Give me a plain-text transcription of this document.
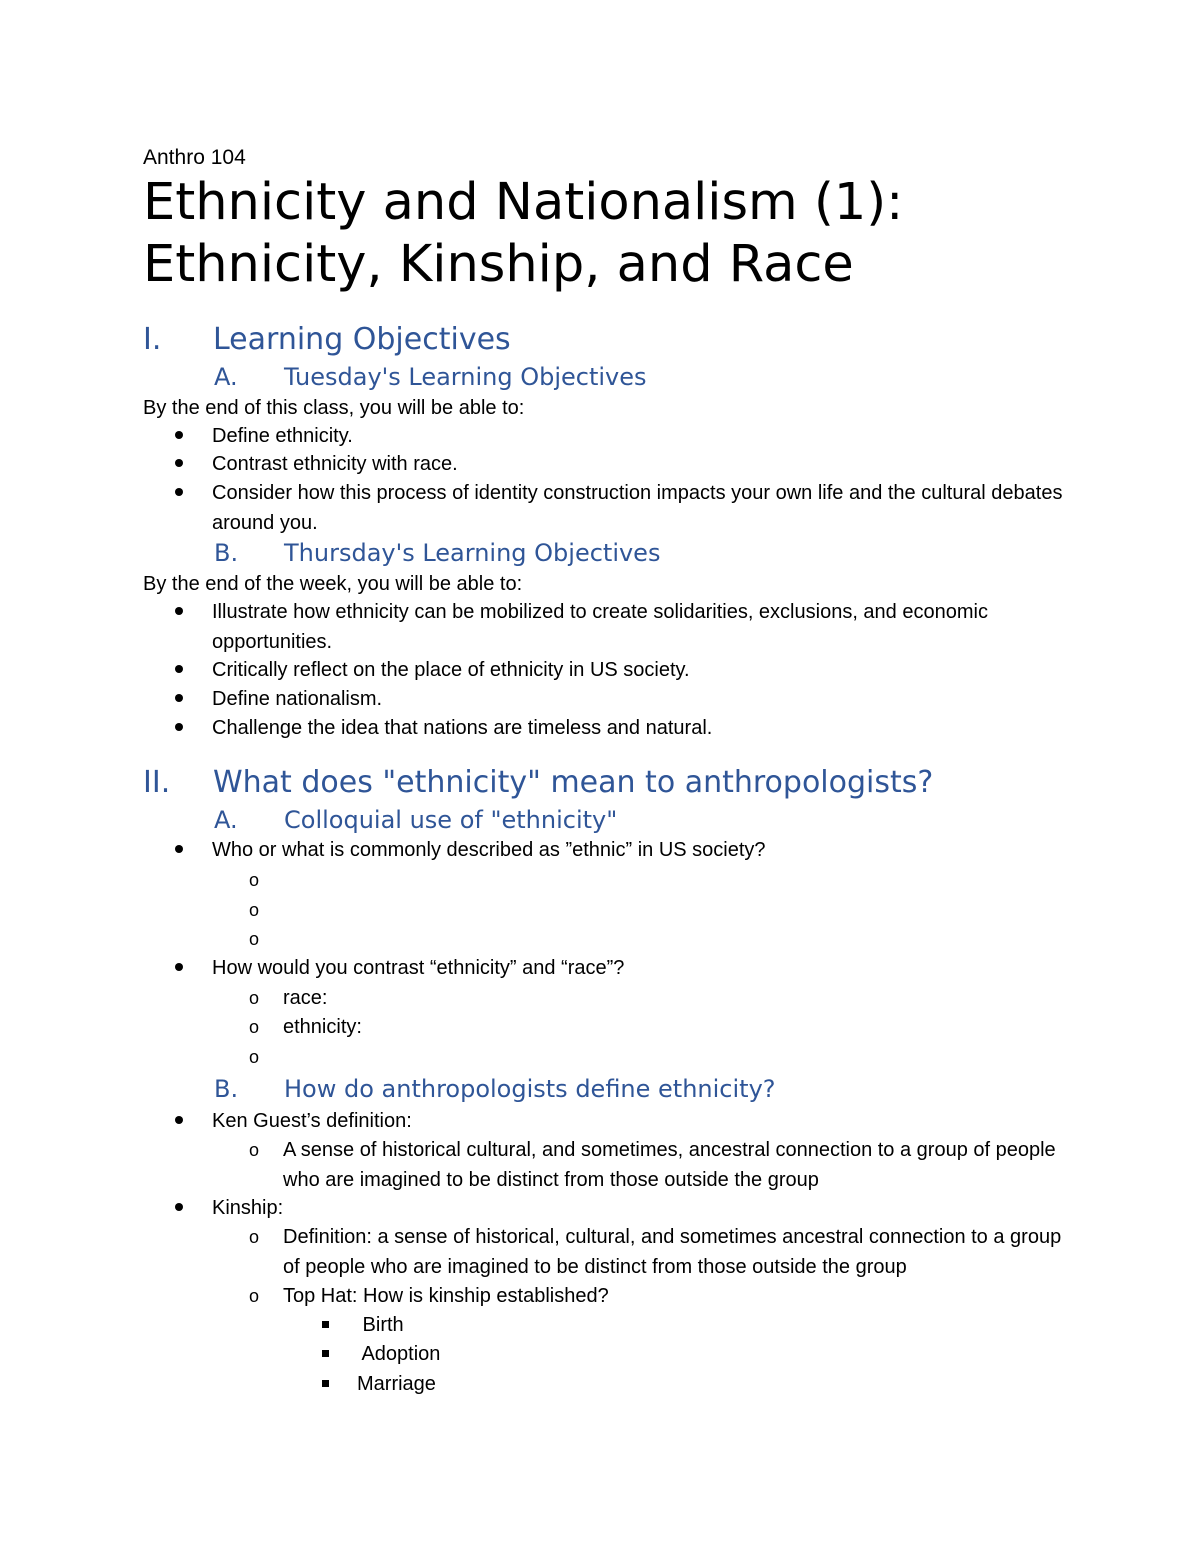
Anthro 104
Ethnicity and Nationalism (1):
Ethnicity, Kinship, and Race
I. Learning Objectives
A. Tuesday's Learning Objectives
By the end of this class, you will be able to:
Define ethnicity.
Contrast ethnicity with race.
Consider how this process of identity construction impacts your own life and the cultural debates around you.
B. Thursday's Learning Objectives
By the end of the week, you will be able to:
Illustrate how ethnicity can be mobilized to create solidarities, exclusions, and economic opportunities.
Critically reflect on the place of ethnicity in US society.
Define nationalism.
Challenge the idea that nations are timeless and natural.
II. What does "ethnicity" mean to anthropologists?
A. Colloquial use of "ethnicity"
Who or what is commonly described as ”ethnic” in US society?
o
o
o
How would you contrast “ethnicity” and “race”?
o race:
o ethnicity:
o
B. How do anthropologists define ethnicity?
Ken Guest’s definition:
o A sense of historical cultural, and sometimes, ancestral connection to a group of people who are imagined to be distinct from those outside the group
Kinship:
o Definition: a sense of historical, cultural, and sometimes ancestral connection to a group of people who are imagined to be distinct from those outside the group
o Top Hat: How is kinship established?
Birth
Adoption
Marriage
